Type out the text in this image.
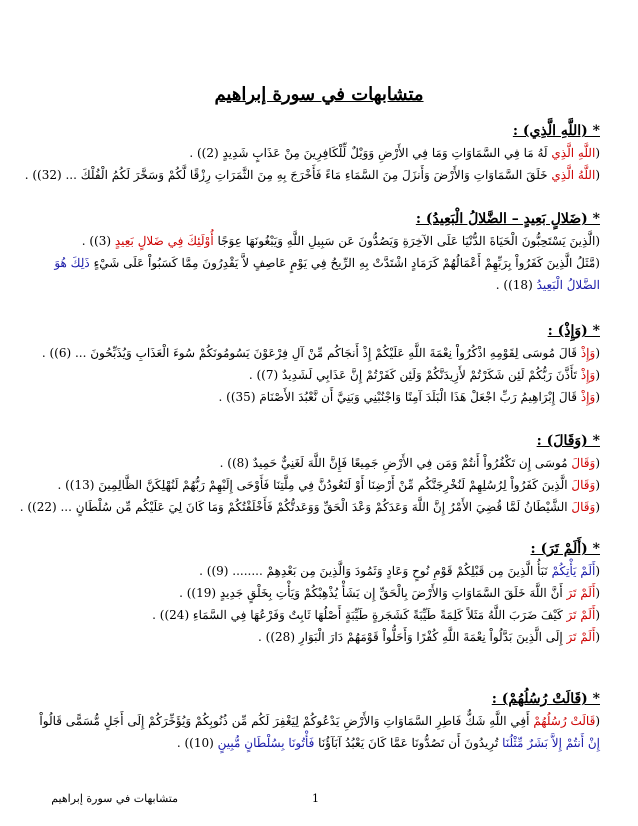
متشابهات في سورة إبراهيم
* (اللَّهِ الَّذِي) :
(اللَّهِ الَّذِي لَهُ مَا فِي السَّمَاوَاتِ وَمَا فِي الأَرْضِ وَوَيْلٌ لِّلْكَافِرِينَ مِنْ عَذَابٍ شَدِيدٍ (2)) .
(اللَّهُ الَّذِي خَلَقَ السَّمَاوَاتِ وَالأَرْضَ وَأَنزَلَ مِنَ السَّمَاءِ مَاءً فَأَخْرَجَ بِهِ مِنَ الثَّمَرَاتِ رِزْقًا لَّكُمْ وَسَخَّرَ لَكُمُ الْفُلْكَ ... (32)) .
* (ضَلالٍ بَعِيدٍ – الضَّلالُ الْبَعِيدُ) :
(الَّذِينَ يَسْتَحِبُّونَ الْحَيَاةَ الدُّنْيَا عَلَى الآخِرَةِ وَيَصُدُّونَ عَن سَبِيلِ اللَّهِ وَيَبْغُونَهَا عِوَجًا أُوْلَئِكَ فِي ضَلالٍ بَعِيدٍ (3)) .
(مَّثَلُ الَّذِينَ كَفَرُواْ بِرَبِّهِمْ أَعْمَالُهُمْ كَرَمَادٍ اشْتَدَّتْ بِهِ الرِّيحُ فِي يَوْمٍ عَاصِفٍ لاَّ يَقْدِرُونَ مِمَّا كَسَبُواْ عَلَى شَيْءٍ ذَلِكَ هُوَ الضَّلالُ الْبَعِيدُ (18)) .
* (وَإِذْ) :
(وَإِذْ قَالَ مُوسَى لِقَوْمِهِ اذْكُرُواْ نِعْمَةَ اللَّهِ عَلَيْكُمْ إِذْ أَنجَاكُم مِّنْ آلِ فِرْعَوْنَ يَسُومُونَكُمْ سُوءَ الْعَذَابِ وَيُذَبِّحُونَ ... (6)) .
(وَإِذْ تَأَذَّنَ رَبُّكُمْ لَئِن شَكَرْتُمْ لأَزِيدَنَّكُمْ وَلَئِن كَفَرْتُمْ إِنَّ عَذَابِي لَشَدِيدٌ (7)) .
(وَإِذْ قَالَ إِبْرَاهِيمُ رَبِّ اجْعَلْ هَذَا الْبَلَدَ آمِنًا وَاجْنُبْنِي وَبَنِيَّ أَن نَّعْبُدَ الأَصْنَامَ (35)) .
* (وَقَالَ) :
(وَقَالَ مُوسَى إِن تَكْفُرُواْ أَنتُمْ وَمَن فِي الأَرْضِ جَمِيعًا فَإِنَّ اللَّهَ لَغَنِيٌّ حَمِيدٌ (8)) .
(وَقَالَ الَّذِينَ كَفَرُواْ لِرُسُلِهِمْ لَنُخْرِجَنَّكُم مِّنْ أَرْضِنَا أَوْ لَتَعُودُنَّ فِي مِلَّتِنَا فَأَوْحَى إِلَيْهِمْ رَبُّهُمْ لَنُهْلِكَنَّ الظَّالِمِينَ (13)) .
(وَقَالَ الشَّيْطَانُ لَمَّا قُضِيَ الأَمْرُ إِنَّ اللَّهَ وَعَدَكُمْ وَعْدَ الْحَقِّ وَوَعَدتُّكُمْ فَأَخْلَفْتُكُمْ وَمَا كَانَ لِيَ عَلَيْكُم مِّن سُلْطَانٍ ... (22)) .
* (أَلَمْ تَرَ) :
(أَلَمْ يَأْتِكُمْ نَبَأُ الَّذِينَ مِن قَبْلِكُمْ قَوْمِ نُوحٍ وَعَادٍ وَثَمُودَ وَالَّذِينَ مِن بَعْدِهِمْ ........ (9)) .
(أَلَمْ تَرَ أَنَّ اللَّهَ خَلَقَ السَّمَاوَاتِ وَالأَرْضَ بِالْحَقِّ إِن يَشَأْ يُذْهِبْكُمْ وَيَأْتِ بِخَلْقٍ جَدِيدٍ (19)) .
(أَلَمْ تَرَ كَيْفَ ضَرَبَ اللَّهُ مَثَلاً كَلِمَةً طَيِّبَةً كَشَجَرةٍ طَيِّبَةٍ أَصْلُهَا ثَابِتٌ وَفَرْعُهَا فِي السَّمَاءِ (24)) .
(أَلَمْ تَرَ إِلَى الَّذِينَ بَدَّلُواْ نِعْمَةَ اللَّهِ كُفْرًا وَأَحَلُّواْ قَوْمَهُمْ دَارَ الْبَوَارِ (28)) .
* (قَالَتْ رُسُلُهُمْ) :
(قَالَتْ رُسُلُهُمْ أَفِي اللَّهِ شَكٌّ فَاطِرِ السَّمَاوَاتِ وَالأَرْضِ يَدْعُوكُمْ لِيَغْفِرَ لَكُم مِّن ذُنُوبِكُمْ وَيُؤَخِّرَكُمْ إِلَى أَجَلٍ مُّسَمًّى قَالُواْ إِنْ أَنتُمْ إِلاَّ بَشَرٌ مِّثْلُنَا تُرِيدُونَ أَن تَصُدُّونَا عَمَّا كَانَ يَعْبُدُ آبَآؤُنَا فَأْتُونَا بِسُلْطَانٍ مُّبِينٍ (10)) .
1
متشابهات في سورة إبراهيم
